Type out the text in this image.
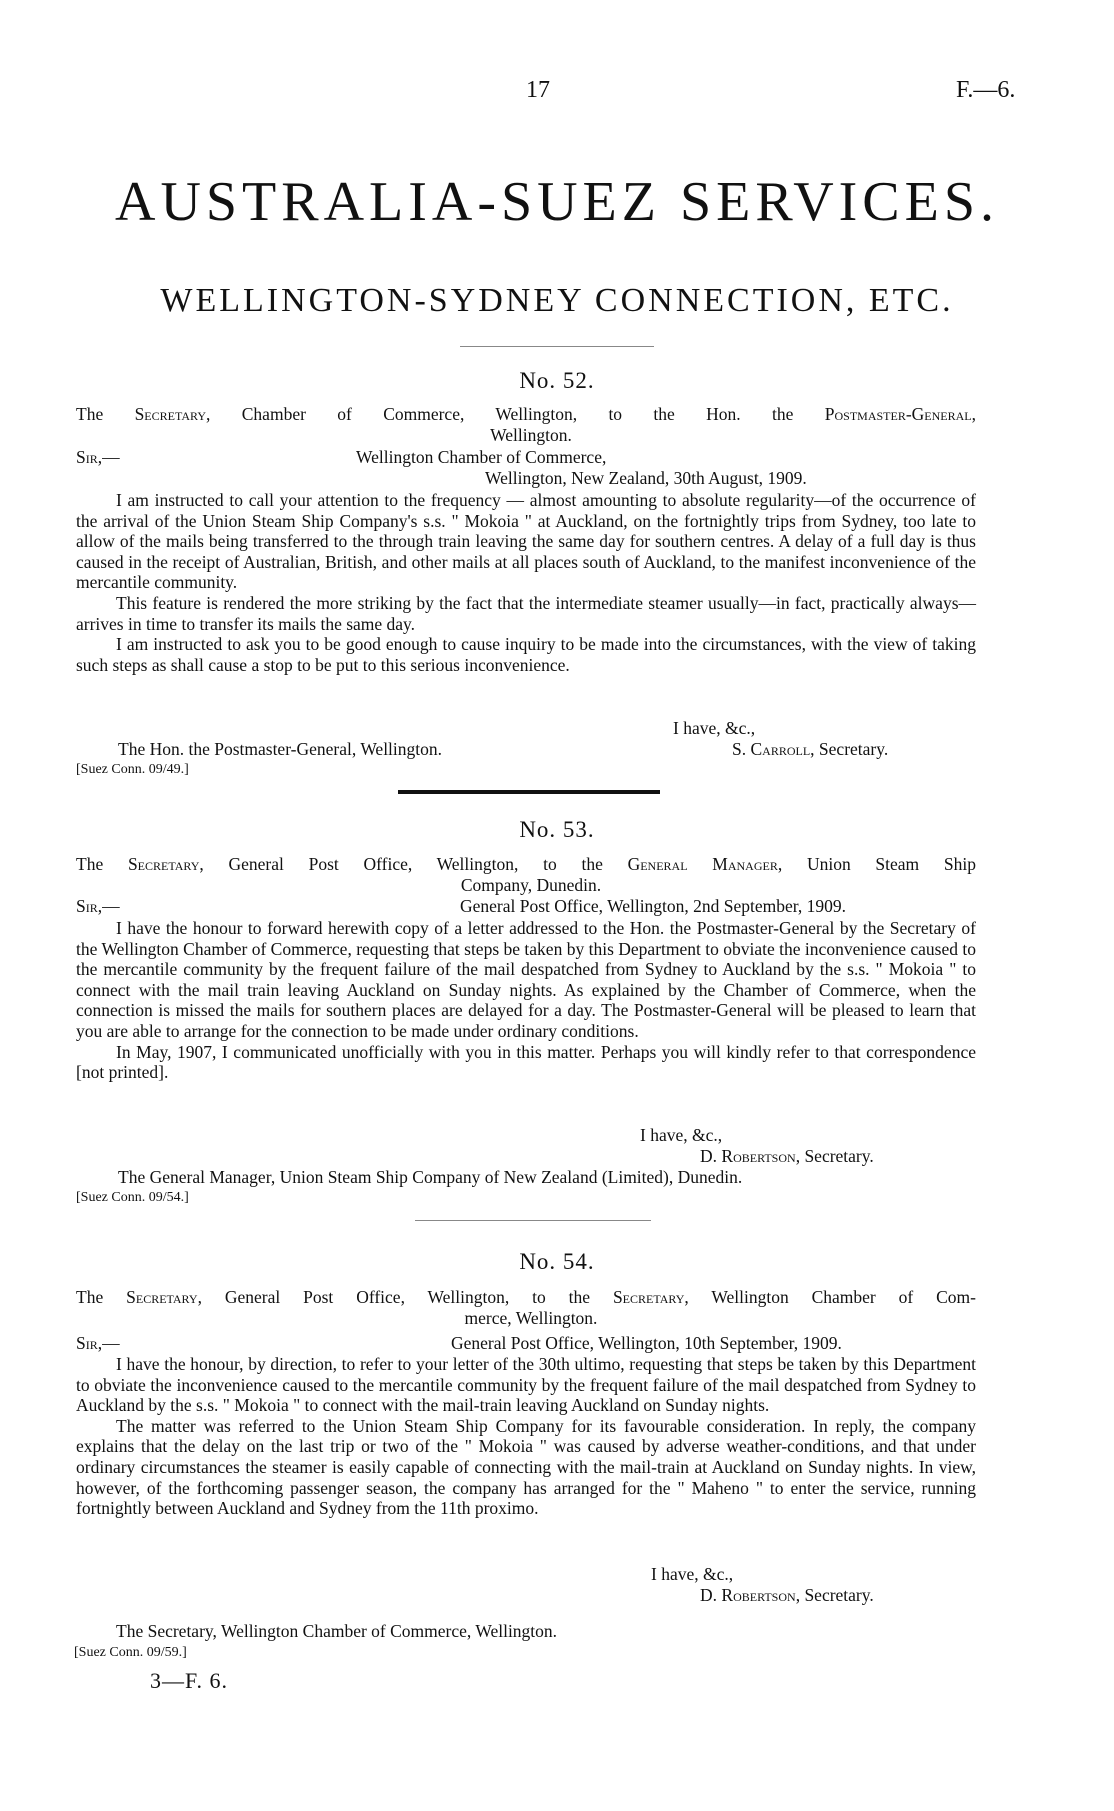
17	F.—6.
AUSTRALIA-SUEZ SERVICES.
WELLINGTON-SYDNEY CONNECTION, ETC.
No. 52.
The Secretary, Chamber of Commerce, Wellington, to the Hon. the Postmaster-General,
Wellington.
Sir,—	Wellington Chamber of Commerce,
Wellington, New Zealand, 30th August, 1909.

I am instructed to call your attention to the frequency — almost amounting to absolute regularity—of the occurrence of the arrival of the Union Steam Ship Company's s.s. " Mokoia " at Auckland, on the fortnightly trips from Sydney, too late to allow of the mails being transferred to the through train leaving the same day for southern centres. A delay of a full day is thus caused in the receipt of Australian, British, and other mails at all places south of Auckland, to the manifest inconvenience of the mercantile community.

This feature is rendered the more striking by the fact that the intermediate steamer usually—in fact, practically always—arrives in time to transfer its mails the same day.

I am instructed to ask you to be good enough to cause inquiry to be made into the circumstances, with the view of taking such steps as shall cause a stop to be put to this serious inconvenience.

I have, &c.,
The Hon. the Postmaster-General, Wellington.	S. Carroll, Secretary.
[Suez Conn. 09/49.]
No. 53.
The Secretary, General Post Office, Wellington, to the General Manager, Union Steam Ship
Company, Dunedin.
Sir,—	General Post Office, Wellington, 2nd September, 1909.

I have the honour to forward herewith copy of a letter addressed to the Hon. the Postmaster-General by the Secretary of the Wellington Chamber of Commerce, requesting that steps be taken by this Department to obviate the inconvenience caused to the mercantile community by the frequent failure of the mail despatched from Sydney to Auckland by the s.s. " Mokoia " to connect with the mail train leaving Auckland on Sunday nights. As explained by the Chamber of Commerce, when the connection is missed the mails for southern places are delayed for a day. The Postmaster-General will be pleased to learn that you are able to arrange for the connection to be made under ordinary conditions.

In May, 1907, I communicated unofficially with you in this matter. Perhaps you will kindly refer to that correspondence [not printed].

I have, &c.,
D. Robertson, Secretary.
The General Manager, Union Steam Ship Company of New Zealand (Limited), Dunedin.
[Suez Conn. 09/54.]
No. 54.
The Secretary, General Post Office, Wellington, to the Secretary, Wellington Chamber of Com-
merce, Wellington.
Sir,—	General Post Office, Wellington, 10th September, 1909.

I have the honour, by direction, to refer to your letter of the 30th ultimo, requesting that steps be taken by this Department to obviate the inconvenience caused to the mercantile community by the frequent failure of the mail despatched from Sydney to Auckland by the s.s. " Mokoia " to connect with the mail-train leaving Auckland on Sunday nights.

The matter was referred to the Union Steam Ship Company for its favourable consideration. In reply, the company explains that the delay on the last trip or two of the " Mokoia " was caused by adverse weather-conditions, and that under ordinary circumstances the steamer is easily capable of connecting with the mail-train at Auckland on Sunday nights. In view, however, of the forthcoming passenger season, the company has arranged for the " Maheno " to enter the service, running fortnightly between Auckland and Sydney from the 11th proximo.

I have, &c.,
D. Robertson, Secretary.
The Secretary, Wellington Chamber of Commerce, Wellington.
[Suez Conn. 09/59.]
3—F. 6.
